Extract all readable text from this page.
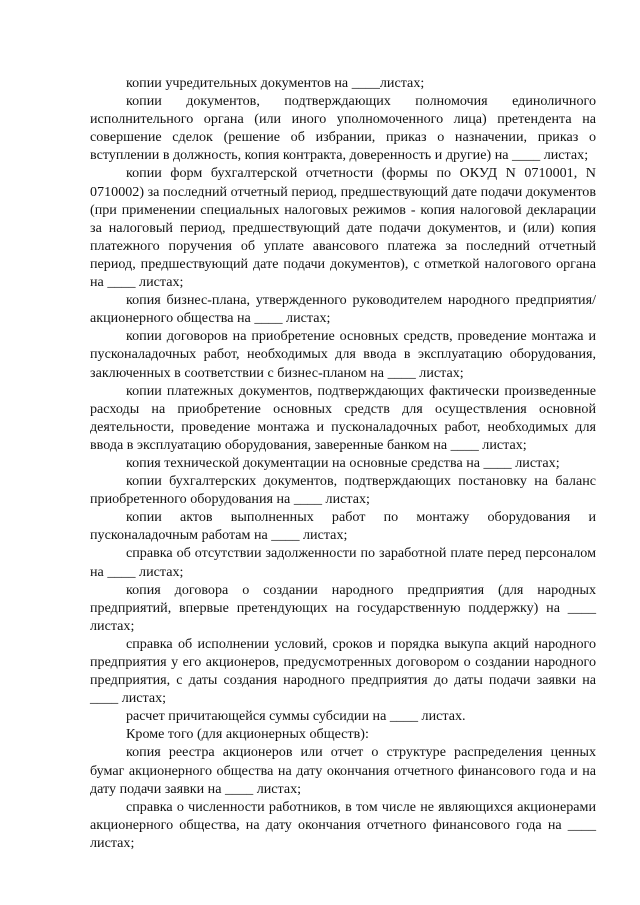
копии учредительных документов на ____листах;

копии документов, подтверждающих полномочия единоличного исполнительного органа (или иного уполномоченного лица) претендента на совершение сделок (решение об избрании, приказ о назначении, приказ о вступлении в должность, копия контракта, доверенность и другие) на ____ листах;

копии форм бухгалтерской отчетности (формы по ОКУД N 0710001, N 0710002) за последний отчетный период, предшествующий дате подачи документов (при применении специальных налоговых режимов - копия налоговой декларации за налоговый период, предшествующий дате подачи документов, и (или) копия платежного поручения об уплате авансового платежа за последний отчетный период, предшествующий дате подачи документов), с отметкой налогового органа на ____ листах;

копия бизнес-плана, утвержденного руководителем народного предприятия/акционерного общества на ____ листах;

копии договоров на приобретение основных средств, проведение монтажа и пусконаладочных работ, необходимых для ввода в эксплуатацию оборудования, заключенных в соответствии с бизнес-планом на ____ листах;

копии платежных документов, подтверждающих фактически произведенные расходы на приобретение основных средств для осуществления основной деятельности, проведение монтажа и пусконаладочных работ, необходимых для ввода в эксплуатацию оборудования, заверенные банком на ____ листах;

копия технической документации на основные средства на ____ листах;

копии бухгалтерских документов, подтверждающих постановку на баланс приобретенного оборудования на ____ листах;

копии актов выполненных работ по монтажу оборудования и пусконаладочным работам на ____ листах;

справка об отсутствии задолженности по заработной плате перед персоналом на ____ листах;

копия договора о создании народного предприятия (для народных предприятий, впервые претендующих на государственную поддержку) на ____ листах;

справка об исполнении условий, сроков и порядка выкупа акций народного предприятия у его акционеров, предусмотренных договором о создании народного предприятия, с даты создания народного предприятия до даты подачи заявки на ____ листах;

расчет причитающейся суммы субсидии на ____ листах.

Кроме того (для акционерных обществ):

копия реестра акционеров или отчет о структуре распределения ценных бумаг акционерного общества на дату окончания отчетного финансового года и на дату подачи заявки на ____ листах;

справка о численности работников, в том числе не являющихся акционерами акционерного общества, на дату окончания отчетного финансового года на ____ листах;
